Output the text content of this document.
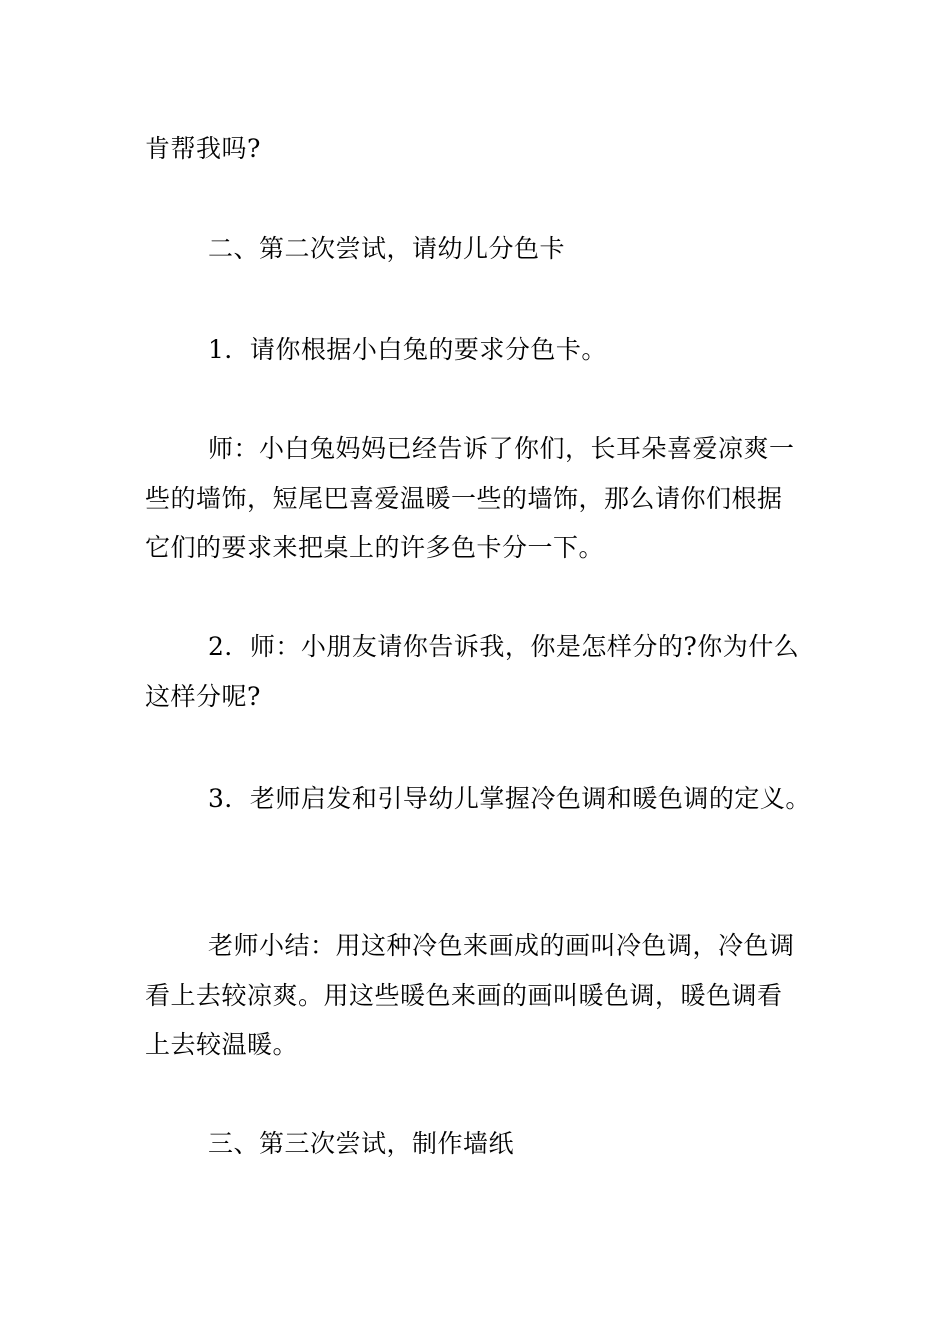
肯帮我吗?

二、第二次尝试，请幼儿分色卡

1．请你根据小白兔的要求分色卡。

师：小白兔妈妈已经告诉了你们，长耳朵喜爱凉爽一

些的墙饰，短尾巴喜爱温暖一些的墙饰，那么请你们根据

它们的要求来把桌上的许多色卡分一下。

2．师：小朋友请你告诉我，你是怎样分的?你为什么

这样分呢?

3．老师启发和引导幼儿掌握冷色调和暖色调的定义。

老师小结：用这种冷色来画成的画叫冷色调，冷色调

看上去较凉爽。用这些暖色来画的画叫暖色调，暖色调看

上去较温暖。

三、第三次尝试，制作墙纸
